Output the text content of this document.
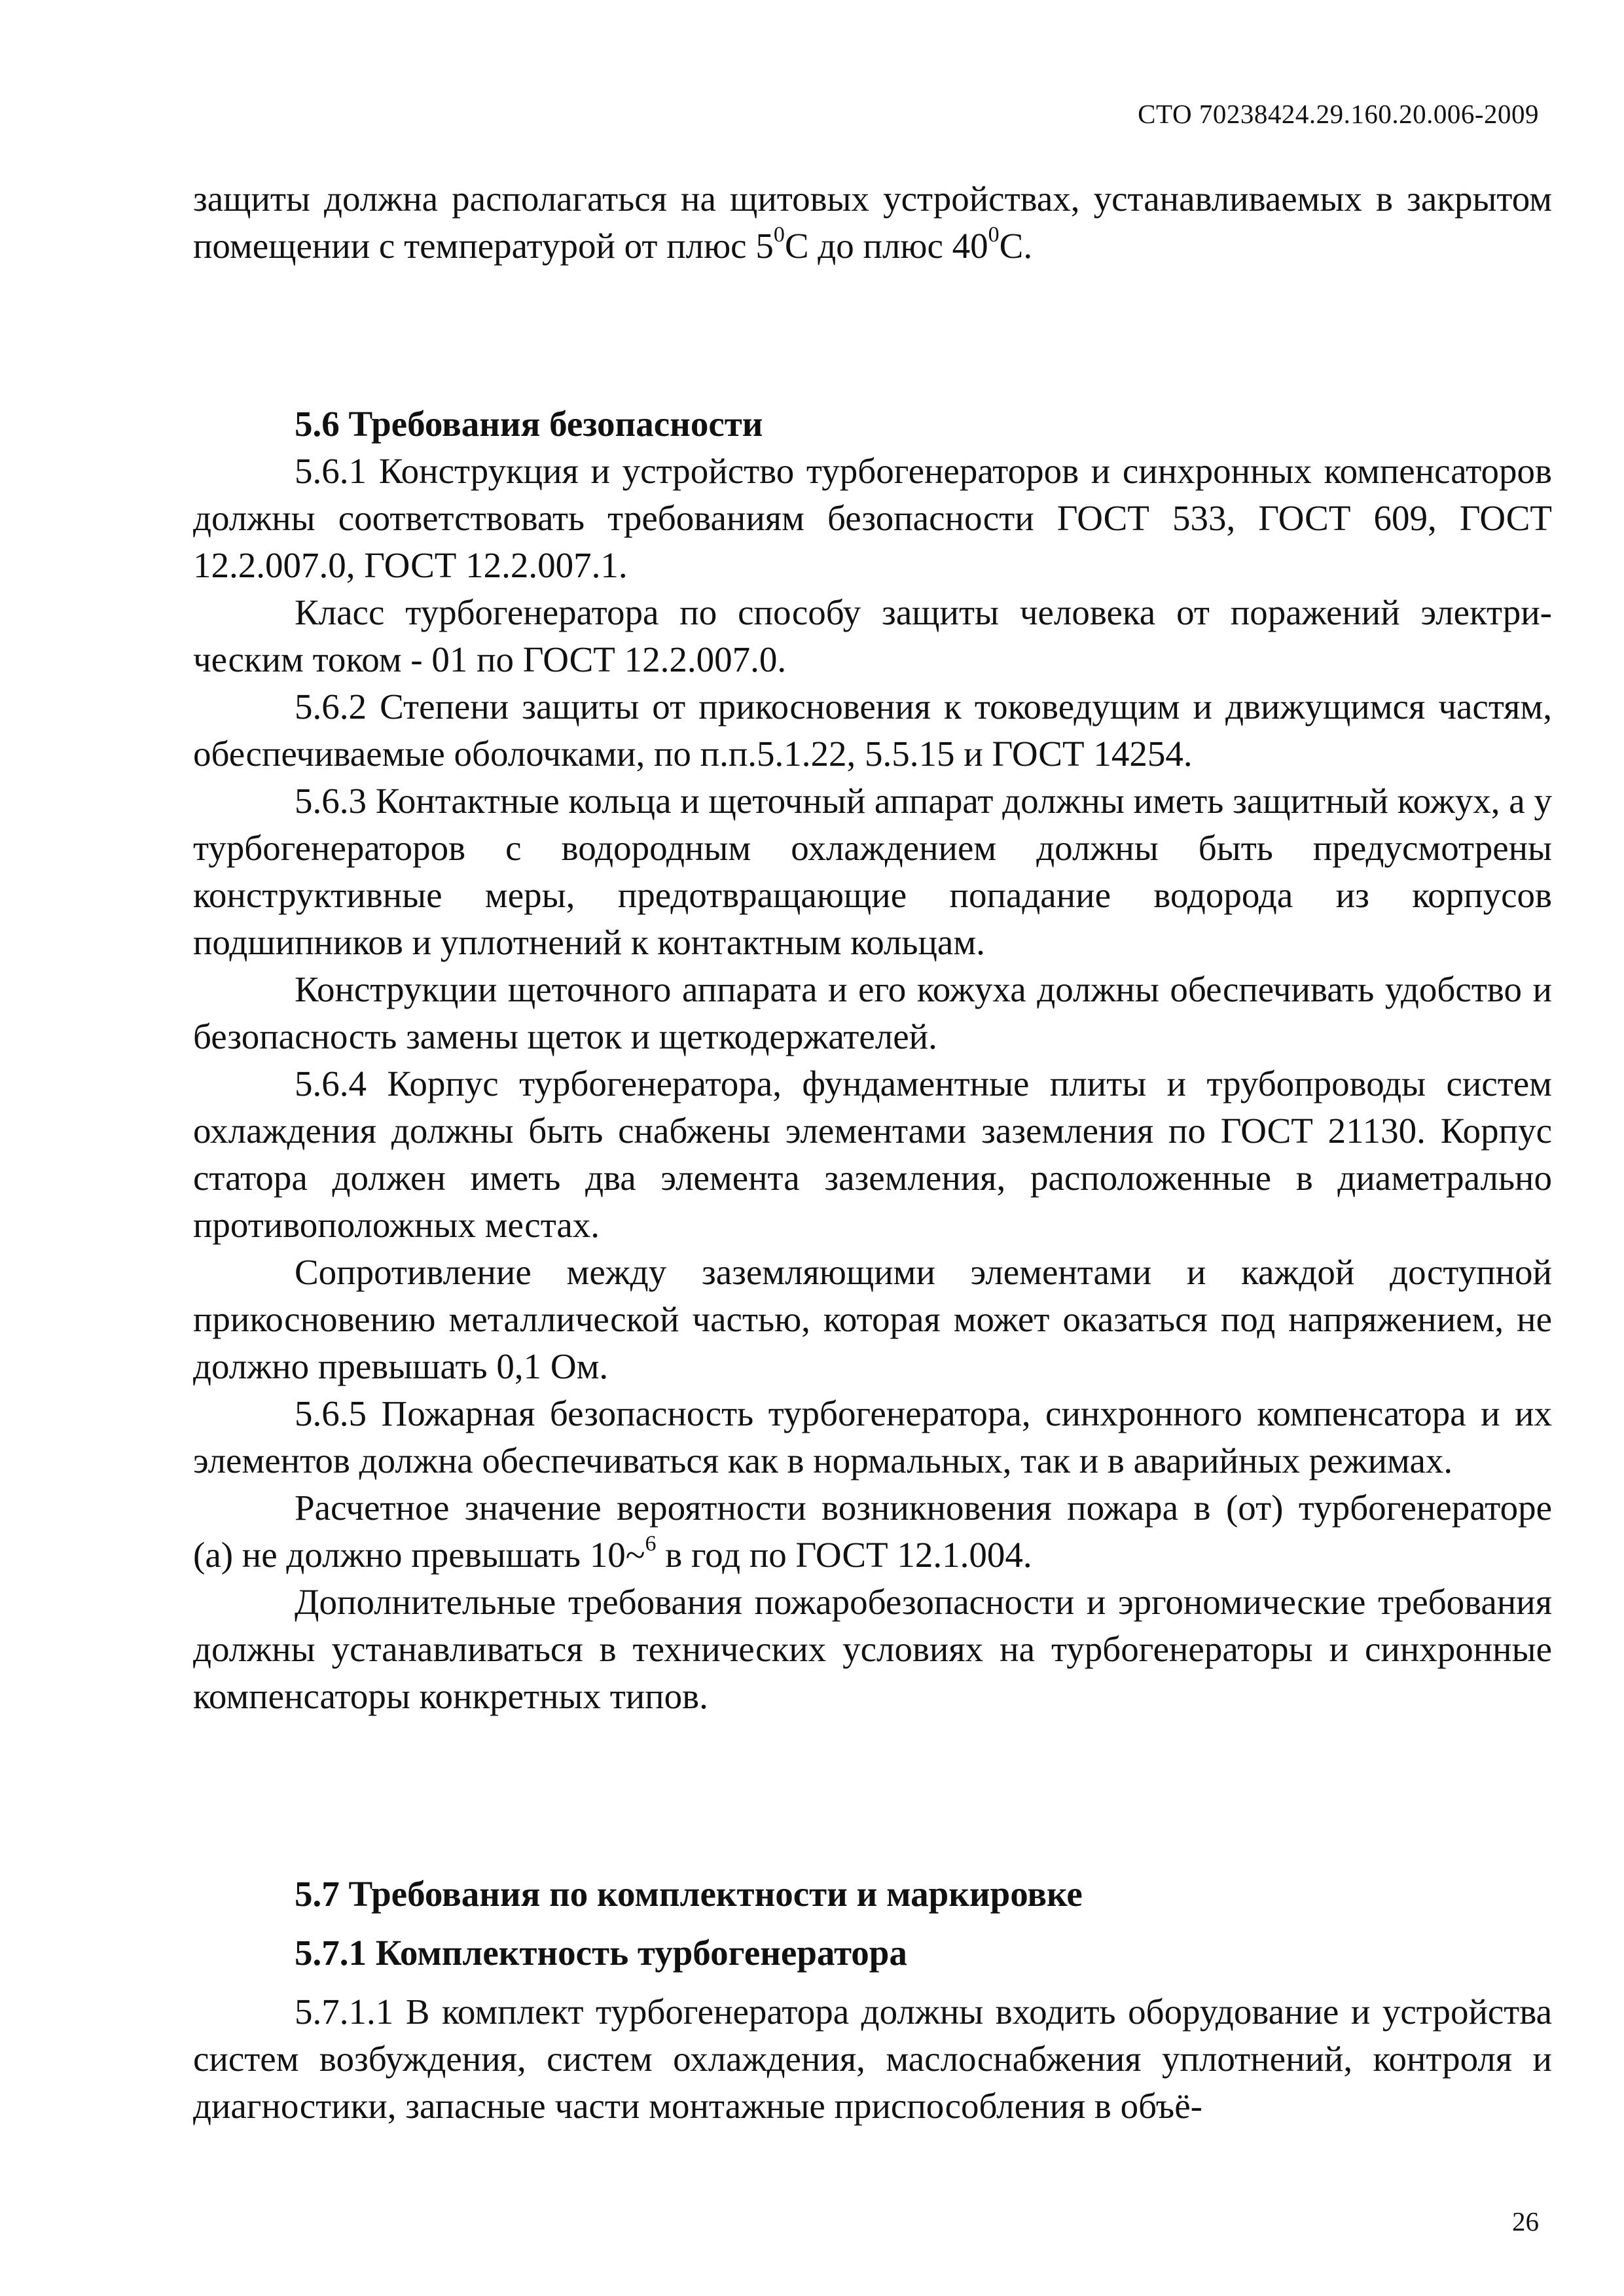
СТО 70238424.29.160.20.006-2009

защиты должна располагаться на щитовых устройствах, устанавливаемых в закрытом помещении с температурой от плюс $5^0С$ до плюс $40^0С$.

5.6 Требования безопасности

5.6.1 Конструкция и устройство турбогенераторов и синхронных компенсаторов должны соответствовать требованиям безопасности ГОСТ 533, ГОСТ 609, ГОСТ 12.2.007.0, ГОСТ 12.2.007.1.

Класс турбогенератора по способу защиты человека от поражений электрическим током - 01 по ГОСТ 12.2.007.0.

5.6.2 Степени защиты от прикосновения к токоведущим и движущимся частям, обеспечиваемые оболочками, по п.п.5.1.22, 5.5.15 и ГОСТ 14254.

5.6.3 Контактные кольца и щеточный аппарат должны иметь защитный кожух, а у турбогенераторов с водородным охлаждением должны быть предусмотрены конструктивные меры, предотвращающие попадание водорода из корпусов подшипников и уплотнений к контактным кольцам.

Конструкции щеточного аппарата и его кожуха должны обеспечивать удобство и безопасность замены щеток и щеткодержателей.

5.6.4 Корпус турбогенератора, фундаментные плиты и трубопроводы систем охлаждения должны быть снабжены элементами заземления по ГОСТ 21130. Корпус статора должен иметь два элемента заземления, расположенные в диаметрально противоположных местах.

Сопротивление между заземляющими элементами и каждой доступной прикосновению металлической частью, которая может оказаться под напряжением, не должно превышать 0,1 Ом.

5.6.5 Пожарная безопасность турбогенератора, синхронного компенсатора и их элементов должна обеспечиваться как в нормальных, так и в аварийных режимах.

Расчетное значение вероятности возникновения пожара в (от) турбогенераторе (а) не должно превышать 10~$^6$ в год по ГОСТ 12.1.004.

Дополнительные требования пожаробезопасности и эргономические требования должны устанавливаться в технических условиях на турбогенераторы и синхронные компенсаторы конкретных типов.

5.7 Требования по комплектности и маркировке
5.7.1 Комплектность турбогенератора

5.7.1.1 В комплект турбогенератора должны входить оборудование и устройства систем возбуждения, систем охлаждения, маслоснабжения уплотнений, контроля и диагностики, запасные части монтажные приспособления в объё-

26
